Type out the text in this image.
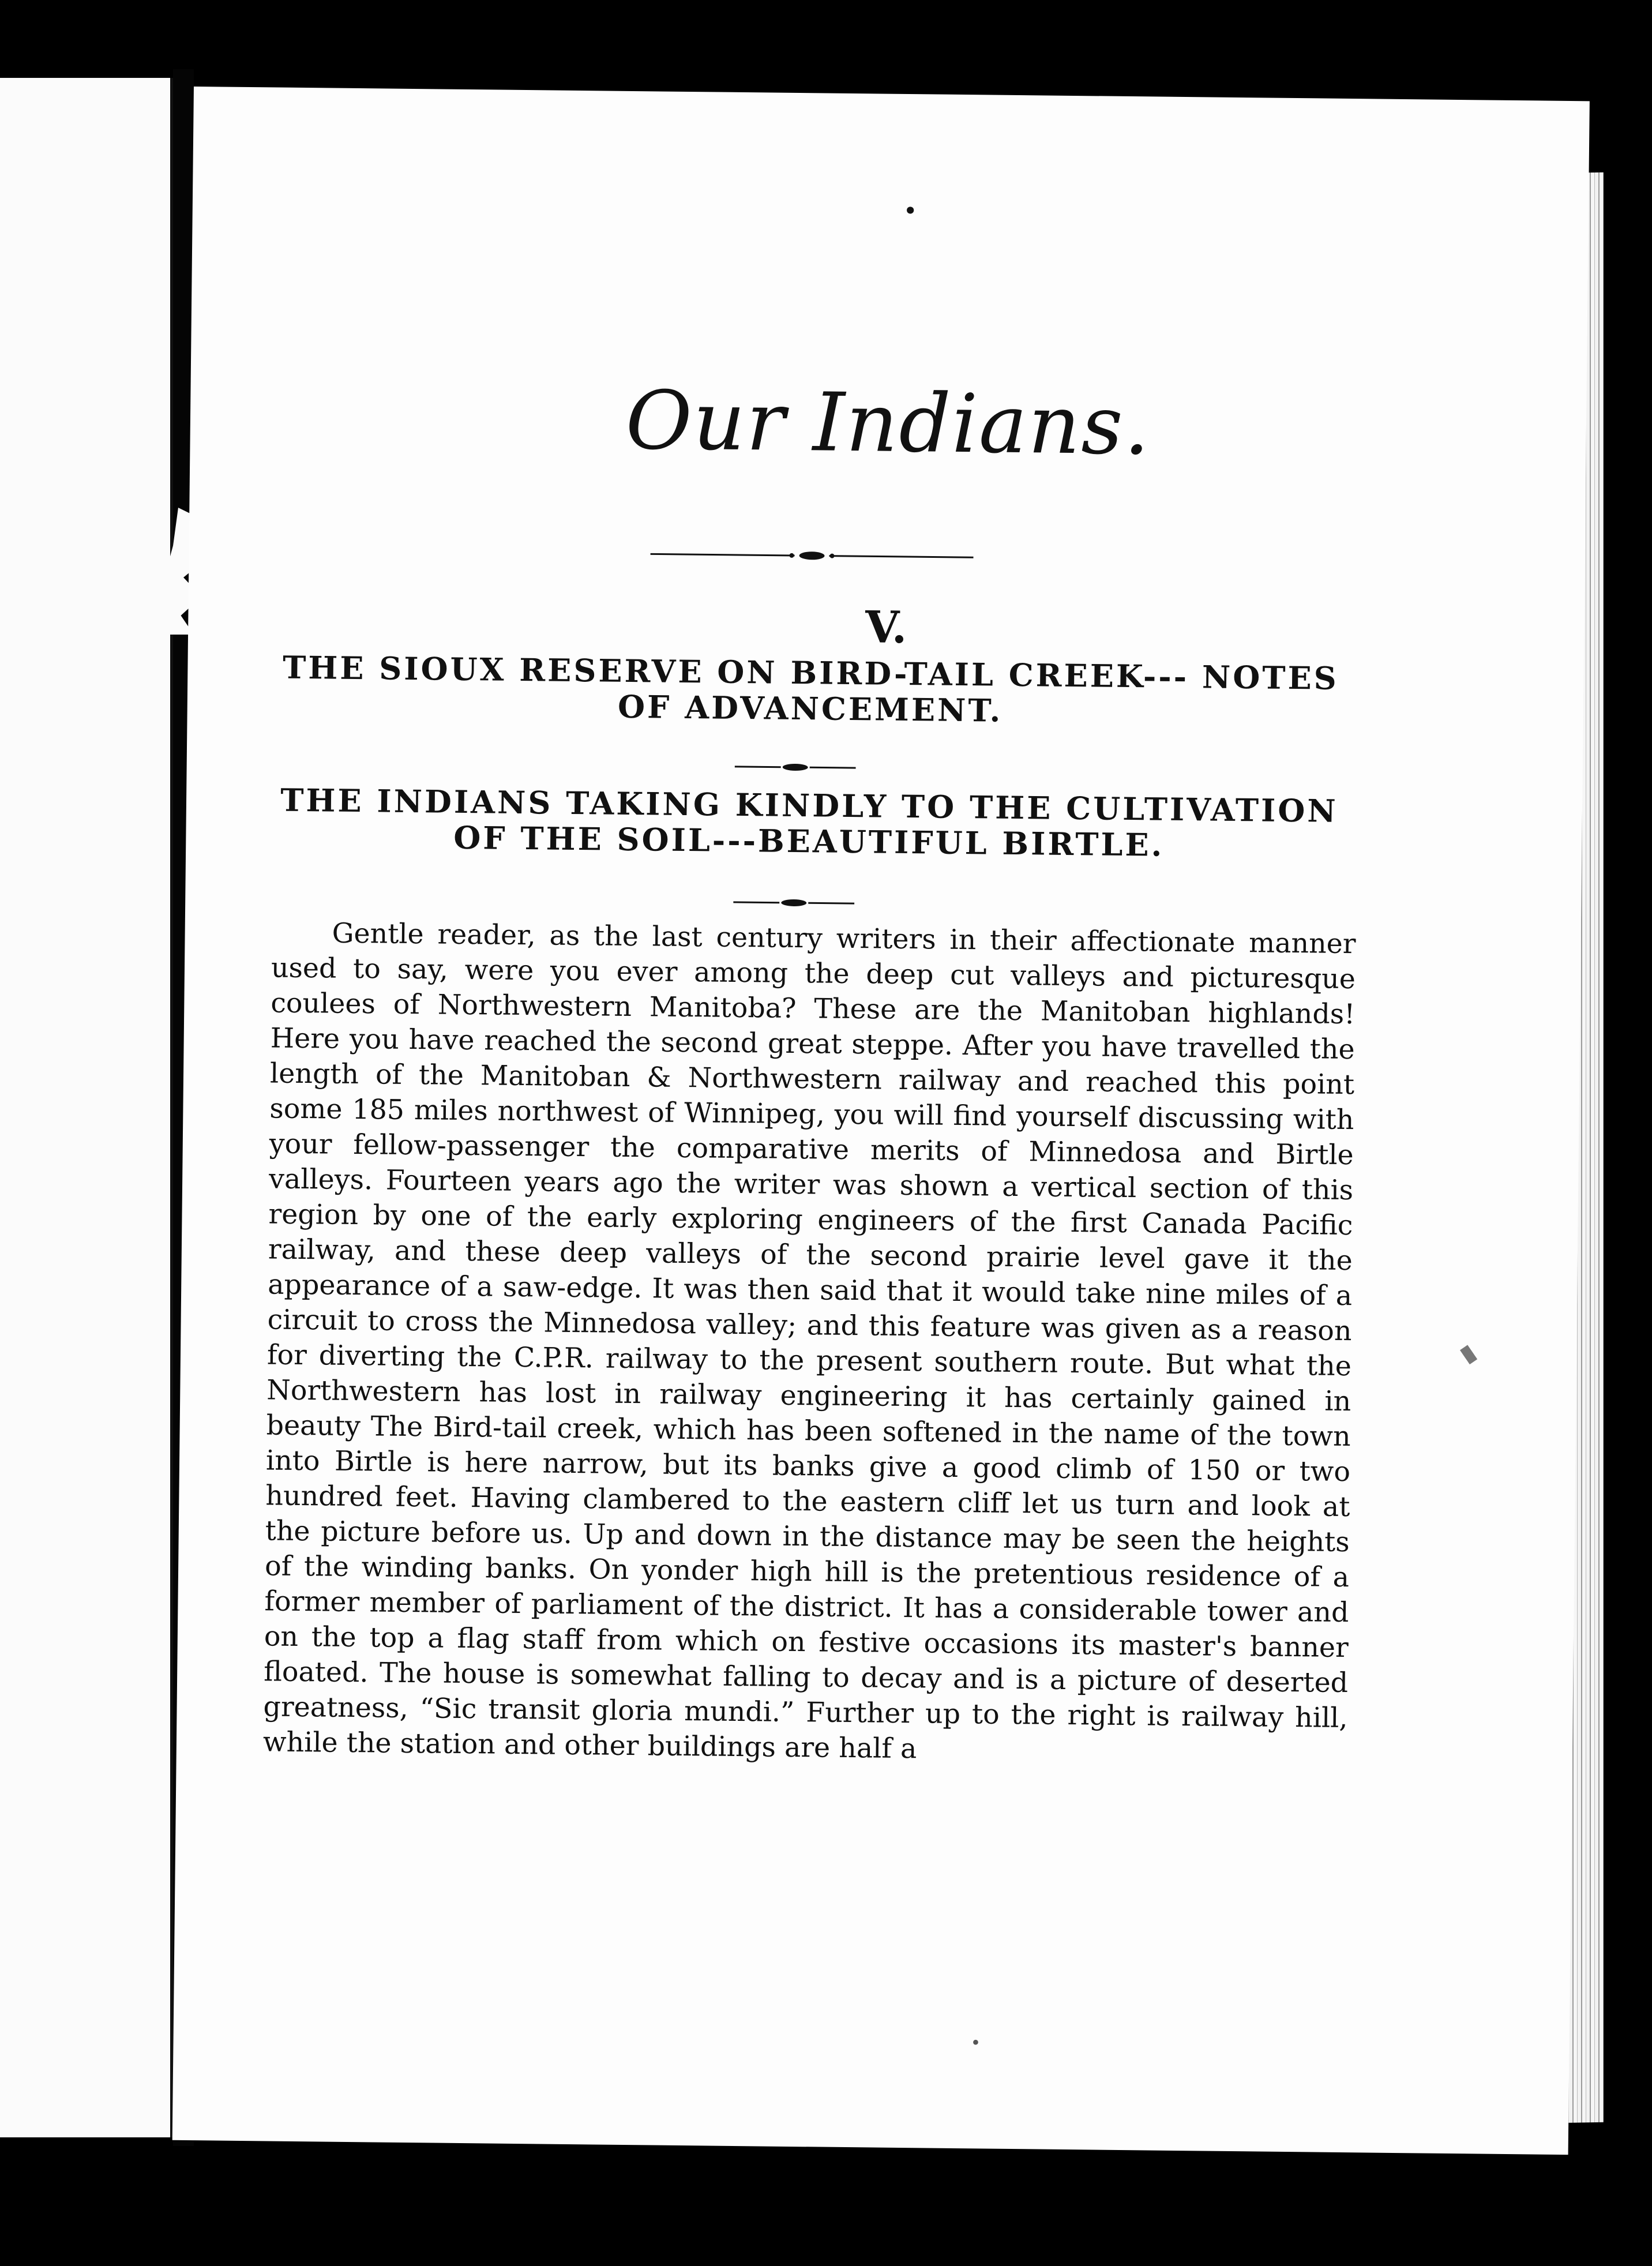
•
Our Indians.
V.
THE SIOUX RESERVE ON BIRD-TAIL CREEK--- NOTES OF ADVANCEMENT.
THE INDIANS TAKING KINDLY TO THE CULTIVATION OF THE SOIL---BEAUTIFUL BIRTLE.
Gentle reader, as the last century writers in their affectionate manner used to say, were you ever among the deep cut valleys and picturesque coulees of Northwestern Manitoba? These are the Manitoban highlands! Here you have reached the second great steppe. After you have travelled the length of the Manitoban & Northwestern railway and reached this point some 185 miles northwest of Winnipeg, you will find yourself discussing with your fellow-passenger the comparative merits of Minnedosa and Birtle valleys. Fourteen years ago the writer was shown a vertical section of this region by one of the early exploring engineers of the first Canada Pacific railway, and these deep valleys of the second prairie level gave it the appearance of a saw-edge. It was then said that it would take nine miles of a circuit to cross the Minnedosa valley; and this feature was given as a reason for diverting the C.P.R. railway to the present southern route. But what the Northwestern has lost in railway engineering it has certainly gained in beauty The Bird-tail creek, which has been softened in the name of the town into Birtle is here narrow, but its banks give a good climb of 150 or two hundred feet. Having clambered to the eastern cliff let us turn and look at the picture before us. Up and down in the distance may be seen the heights of the winding banks. On yonder high hill is the pretentious residence of a former member of parliament of the district. It has a considerable tower and on the top a flag staff from which on festive occasions its master's banner floated. The house is somewhat falling to decay and is a picture of deserted greatness, “Sic transit gloria mundi.” Further up to the right is railway hill, while the station and other buildings are half a
•
